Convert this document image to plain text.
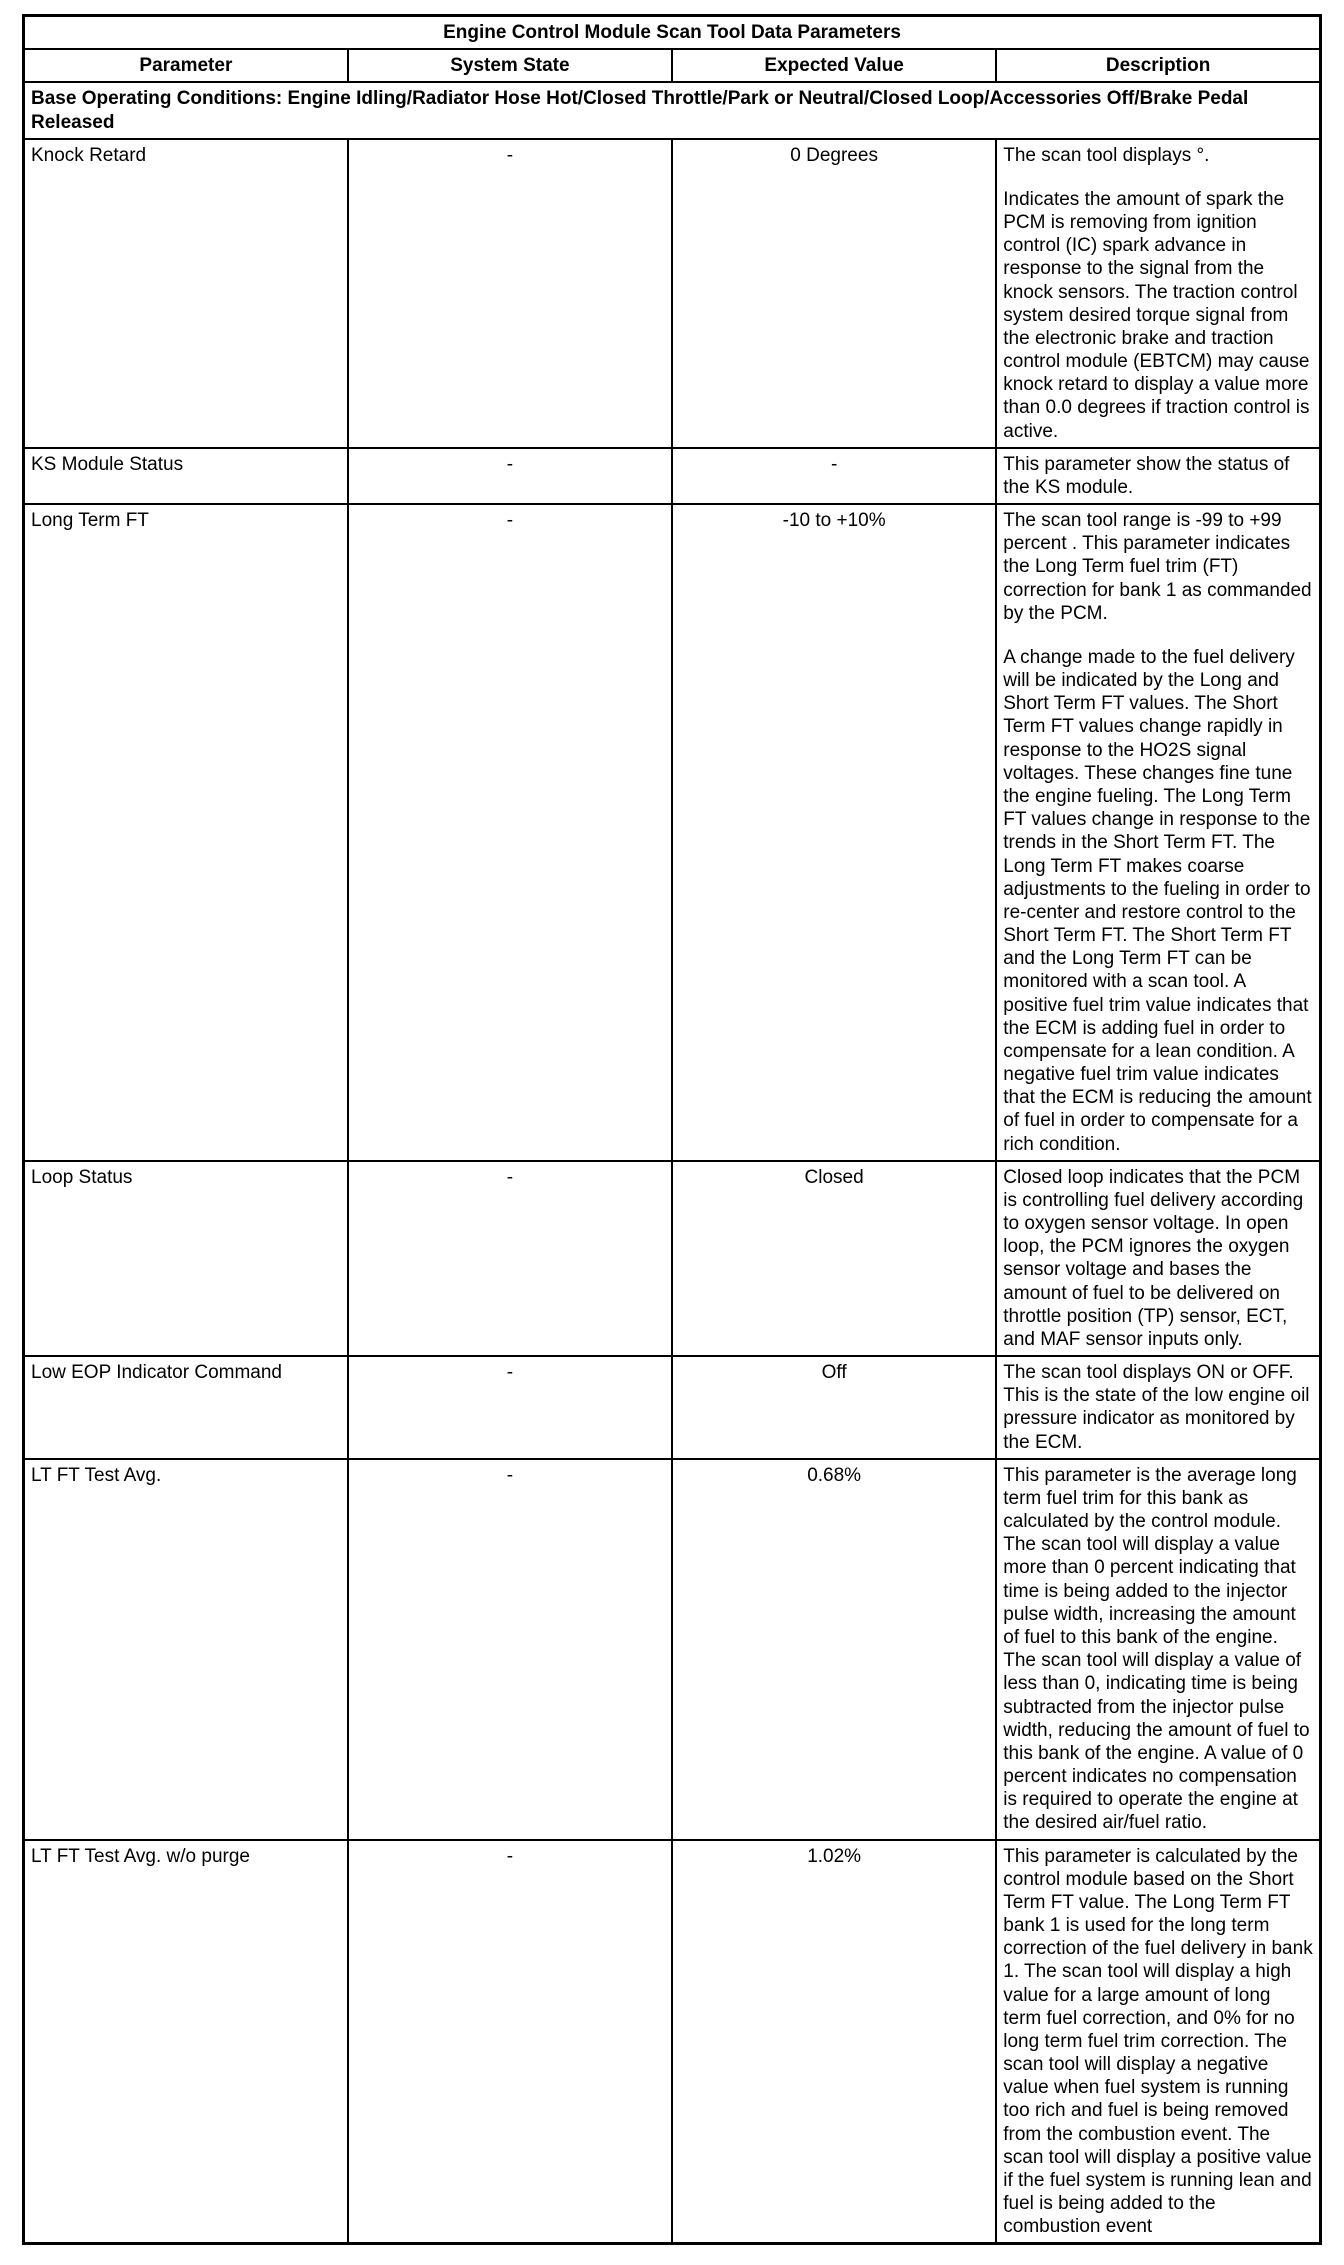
Engine Control Module Scan Tool Data Parameters			
Parameter	System State	Expected Value	Description
Base Operating Conditions: Engine Idling/Radiator Hose Hot/Closed Throttle/Park or Neutral/Closed Loop/Accessories Off/Brake Pedal Released			
Knock Retard	-	0 Degrees	The scan tool displays °.

Indicates the amount of spark the PCM is removing from ignition control (IC) spark advance in response to the signal from the knock sensors. The traction control system desired torque signal from the electronic brake and traction control module (EBTCM) may cause knock retard to display a value more than 0.0 degrees if traction control is active.

KS Module Status	-	-	This parameter show the status of the KS module.

Long Term FT	-	-10 to +10%	The scan tool range is -99 to +99 percent . This parameter indicates the Long Term fuel trim (FT) correction for bank 1 as commanded by the PCM.

A change made to the fuel delivery will be indicated by the Long and Short Term FT values. The Short Term FT values change rapidly in response to the HO2S signal voltages. These changes fine tune the engine fueling. The Long Term FT values change in response to the trends in the Short Term FT. The Long Term FT makes coarse adjustments to the fueling in order to re-center and restore control to the Short Term FT. The Short Term FT and the Long Term FT can be monitored with a scan tool. A positive fuel trim value indicates that the ECM is adding fuel in order to compensate for a lean condition. A negative fuel trim value indicates that the ECM is reducing the amount of fuel in order to compensate for a rich condition.

Loop Status	-	Closed	Closed loop indicates that the PCM is controlling fuel delivery according to oxygen sensor voltage. In open loop, the PCM ignores the oxygen sensor voltage and bases the amount of fuel to be delivered on throttle position (TP) sensor, ECT, and MAF sensor inputs only.

Low EOP Indicator Command	-	Off	The scan tool displays ON or OFF. This is the state of the low engine oil pressure indicator as monitored by the ECM.

LT FT Test Avg.	-	0.68%	This parameter is the average long term fuel trim for this bank as calculated by the control module. The scan tool will display a value more than 0 percent indicating that time is being added to the injector pulse width, increasing the amount of fuel to this bank of the engine. The scan tool will display a value of less than 0, indicating time is being subtracted from the injector pulse width, reducing the amount of fuel to this bank of the engine. A value of 0 percent indicates no compensation is required to operate the engine at the desired air/fuel ratio.

LT FT Test Avg. w/o purge	-	1.02%	This parameter is calculated by the control module based on the Short Term FT value. The Long Term FT bank 1 is used for the long term correction of the fuel delivery in bank 1. The scan tool will display a high value for a large amount of long term fuel correction, and 0% for no long term fuel trim correction. The scan tool will display a negative value when fuel system is running too rich and fuel is being removed from the combustion event. The scan tool will display a positive value if the fuel system is running lean and fuel is being added to the combustion event
